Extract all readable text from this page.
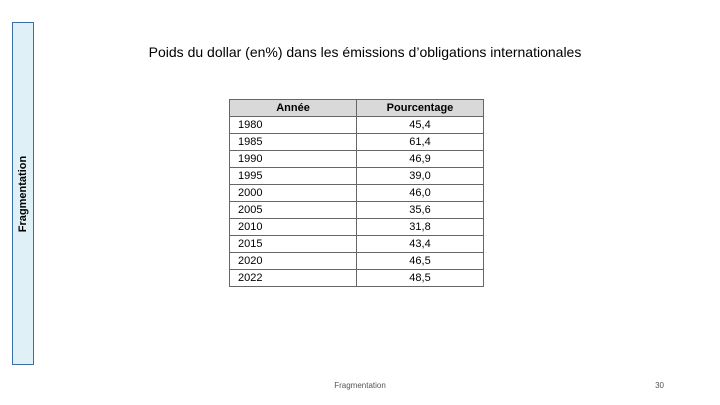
Fragmentation
Poids du dollar (en%) dans les émissions d’obligations internationales
Année	Pourcentage
1980	45,4
1985	61,4
1990	46,9
1995	39,0
2000	46,0
2005	35,6
2010	31,8
2015	43,4
2020	46,5
2022	48,5
Fragmentation	30
